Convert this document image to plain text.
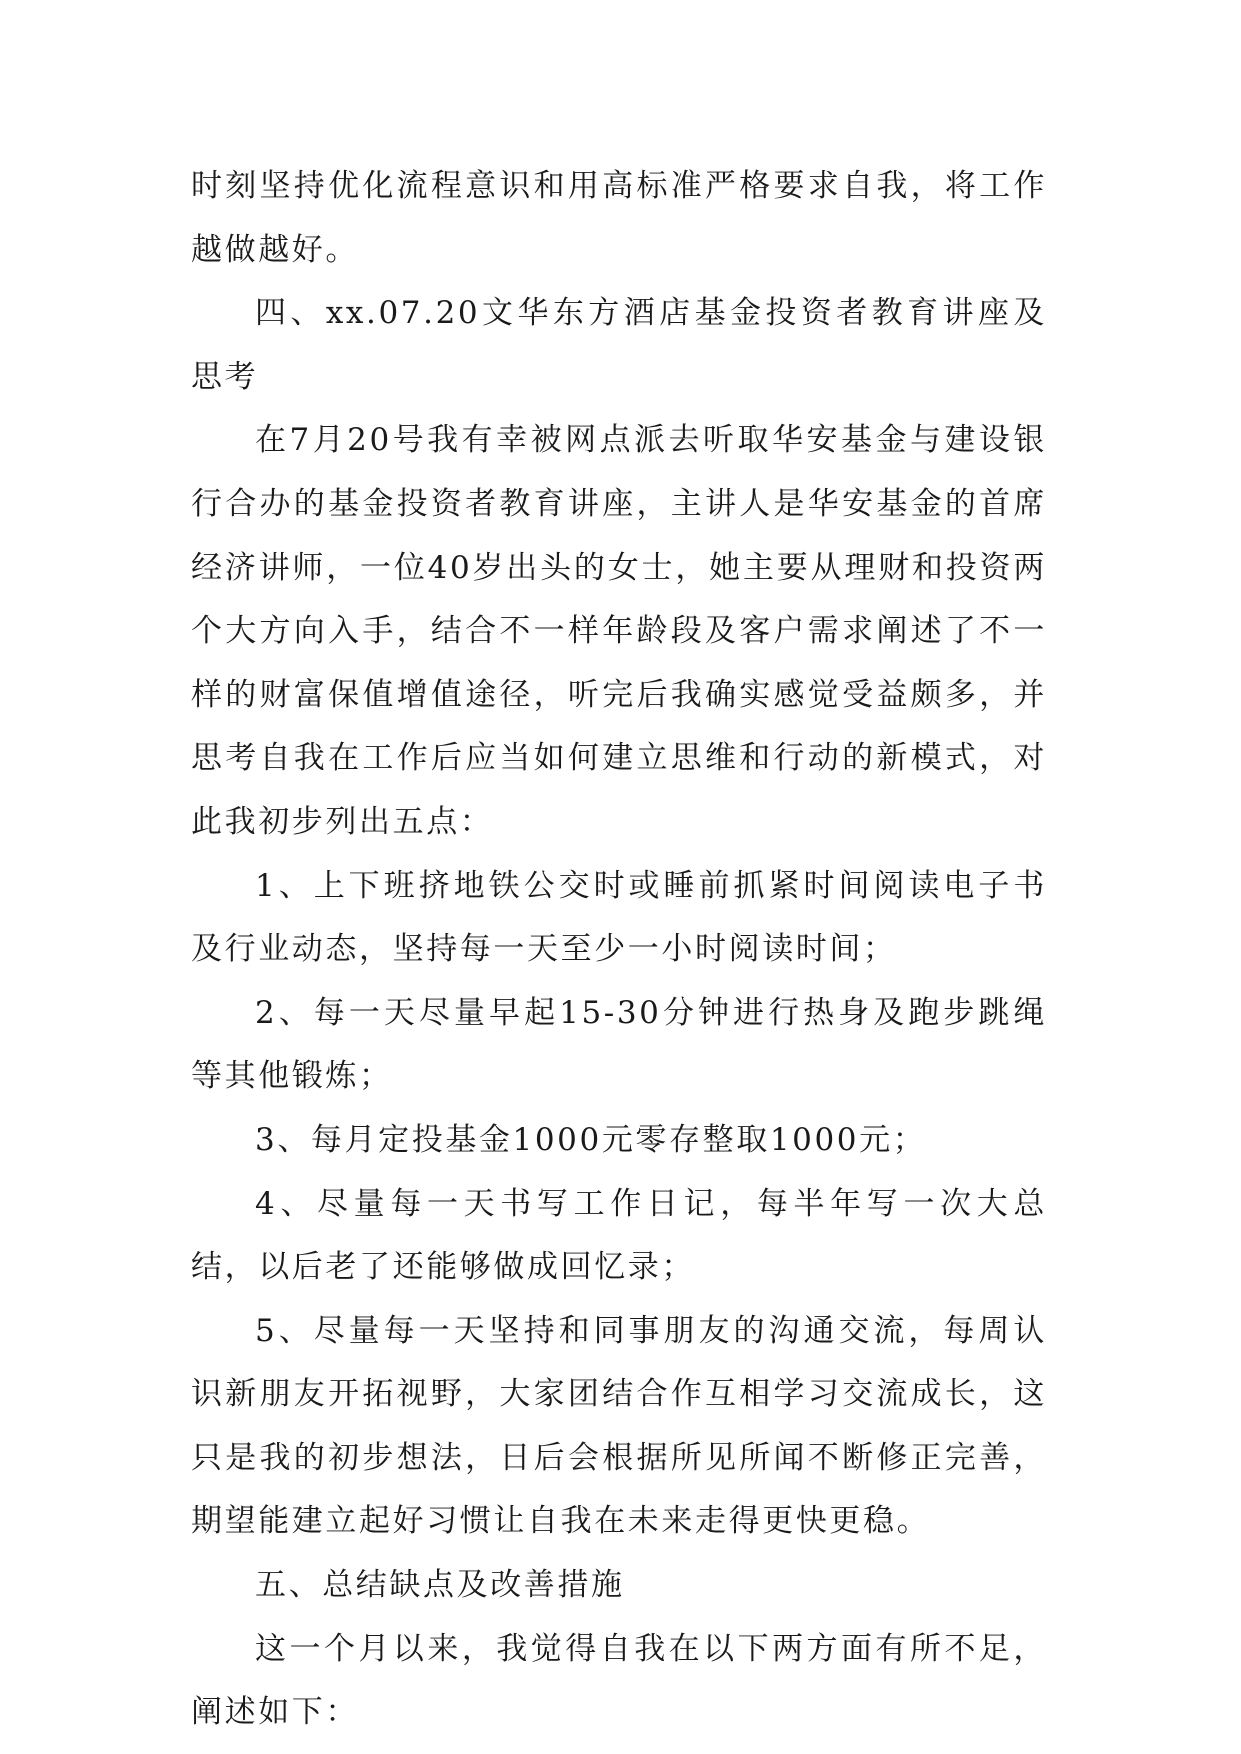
时刻坚持优化流程意识和用高标准严格要求自我，将工作越做越好。

四、xx.07.20文华东方酒店基金投资者教育讲座及思考

在7月20号我有幸被网点派去听取华安基金与建设银行合办的基金投资者教育讲座，主讲人是华安基金的首席经济讲师，一位40岁出头的女士，她主要从理财和投资两个大方向入手，结合不一样年龄段及客户需求阐述了不一样的财富保值增值途径，听完后我确实感觉受益颇多，并思考自我在工作后应当如何建立思维和行动的新模式，对此我初步列出五点：

1、上下班挤地铁公交时或睡前抓紧时间阅读电子书及行业动态，坚持每一天至少一小时阅读时间；

2、每一天尽量早起15-30分钟进行热身及跑步跳绳等其他锻炼；

3、每月定投基金1000元零存整取1000元；

4、尽量每一天书写工作日记，每半年写一次大总结，以后老了还能够做成回忆录；

5、尽量每一天坚持和同事朋友的沟通交流，每周认识新朋友开拓视野，大家团结合作互相学习交流成长，这只是我的初步想法，日后会根据所见所闻不断修正完善，期望能建立起好习惯让自我在未来走得更快更稳。

五、总结缺点及改善措施

这一个月以来，我觉得自我在以下两方面有所不足，阐述如下：
